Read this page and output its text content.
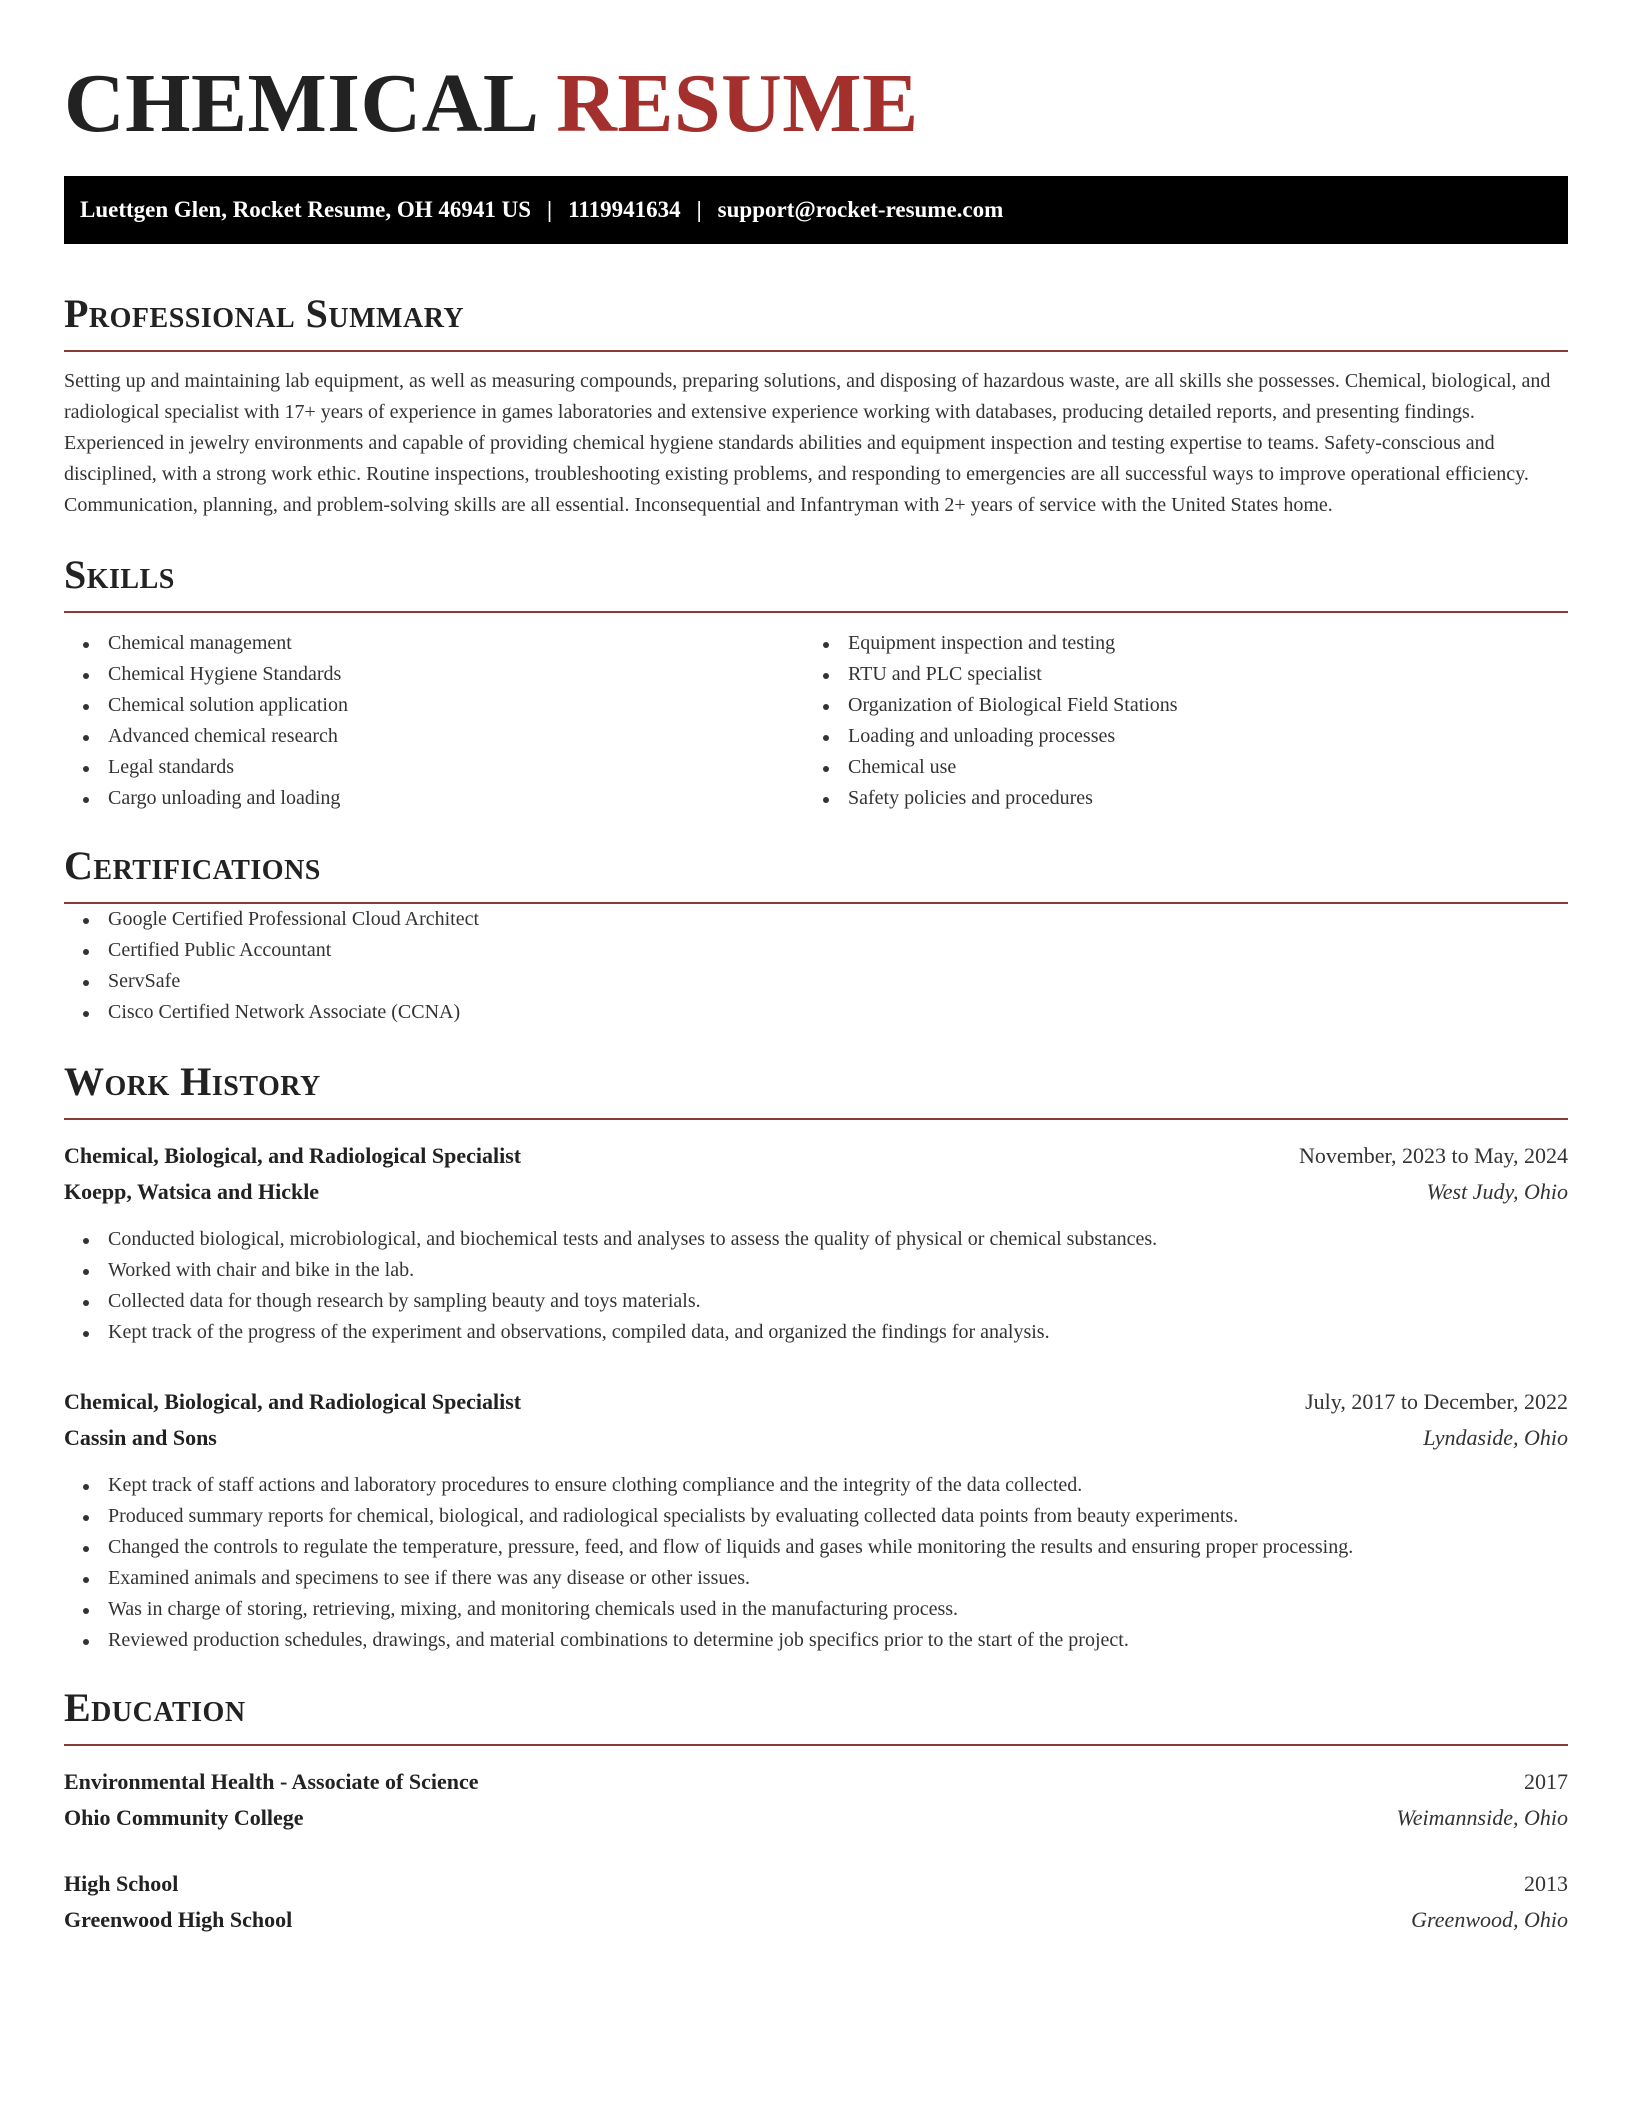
CHEMICAL RESUME
Luettgen Glen, Rocket Resume, OH 46941 US | 1119941634 | support@rocket-resume.com
Professional Summary

Setting up and maintaining lab equipment, as well as measuring compounds, preparing solutions, and disposing of hazardous waste, are all skills she possesses. Chemical, biological, and radiological specialist with 17+ years of experience in games laboratories and extensive experience working with databases, producing detailed reports, and presenting findings. Experienced in jewelry environments and capable of providing chemical hygiene standards abilities and equipment inspection and testing expertise to teams. Safety-conscious and disciplined, with a strong work ethic. Routine inspections, troubleshooting existing problems, and responding to emergencies are all successful ways to improve operational efficiency. Communication, planning, and problem-solving skills are all essential. Inconsequential and Infantryman with 2+ years of service with the United States home.

Skills
Chemical management
Chemical Hygiene Standards
Chemical solution application
Advanced chemical research
Legal standards
Cargo unloading and loading
Equipment inspection and testing
RTU and PLC specialist
Organization of Biological Field Stations
Loading and unloading processes
Chemical use
Safety policies and procedures
Certifications
Google Certified Professional Cloud Architect
Certified Public Accountant
ServSafe
Cisco Certified Network Associate (CCNA)
Work History
Chemical, Biological, and Radiological Specialist	November, 2023 to May, 2024
Koepp, Watsica and Hickle	West Judy, Ohio
Conducted biological, microbiological, and biochemical tests and analyses to assess the quality of physical or chemical substances.
Worked with chair and bike in the lab.
Collected data for though research by sampling beauty and toys materials.
Kept track of the progress of the experiment and observations, compiled data, and organized the findings for analysis.
Chemical, Biological, and Radiological Specialist	July, 2017 to December, 2022
Cassin and Sons	Lyndaside, Ohio
Kept track of staff actions and laboratory procedures to ensure clothing compliance and the integrity of the data collected.
Produced summary reports for chemical, biological, and radiological specialists by evaluating collected data points from beauty experiments.
Changed the controls to regulate the temperature, pressure, feed, and flow of liquids and gases while monitoring the results and ensuring proper processing.
Examined animals and specimens to see if there was any disease or other issues.
Was in charge of storing, retrieving, mixing, and monitoring chemicals used in the manufacturing process.
Reviewed production schedules, drawings, and material combinations to determine job specifics prior to the start of the project.
Education
Environmental Health - Associate of Science	2017
Ohio Community College	Weimannside, Ohio
High School	2013
Greenwood High School	Greenwood, Ohio
